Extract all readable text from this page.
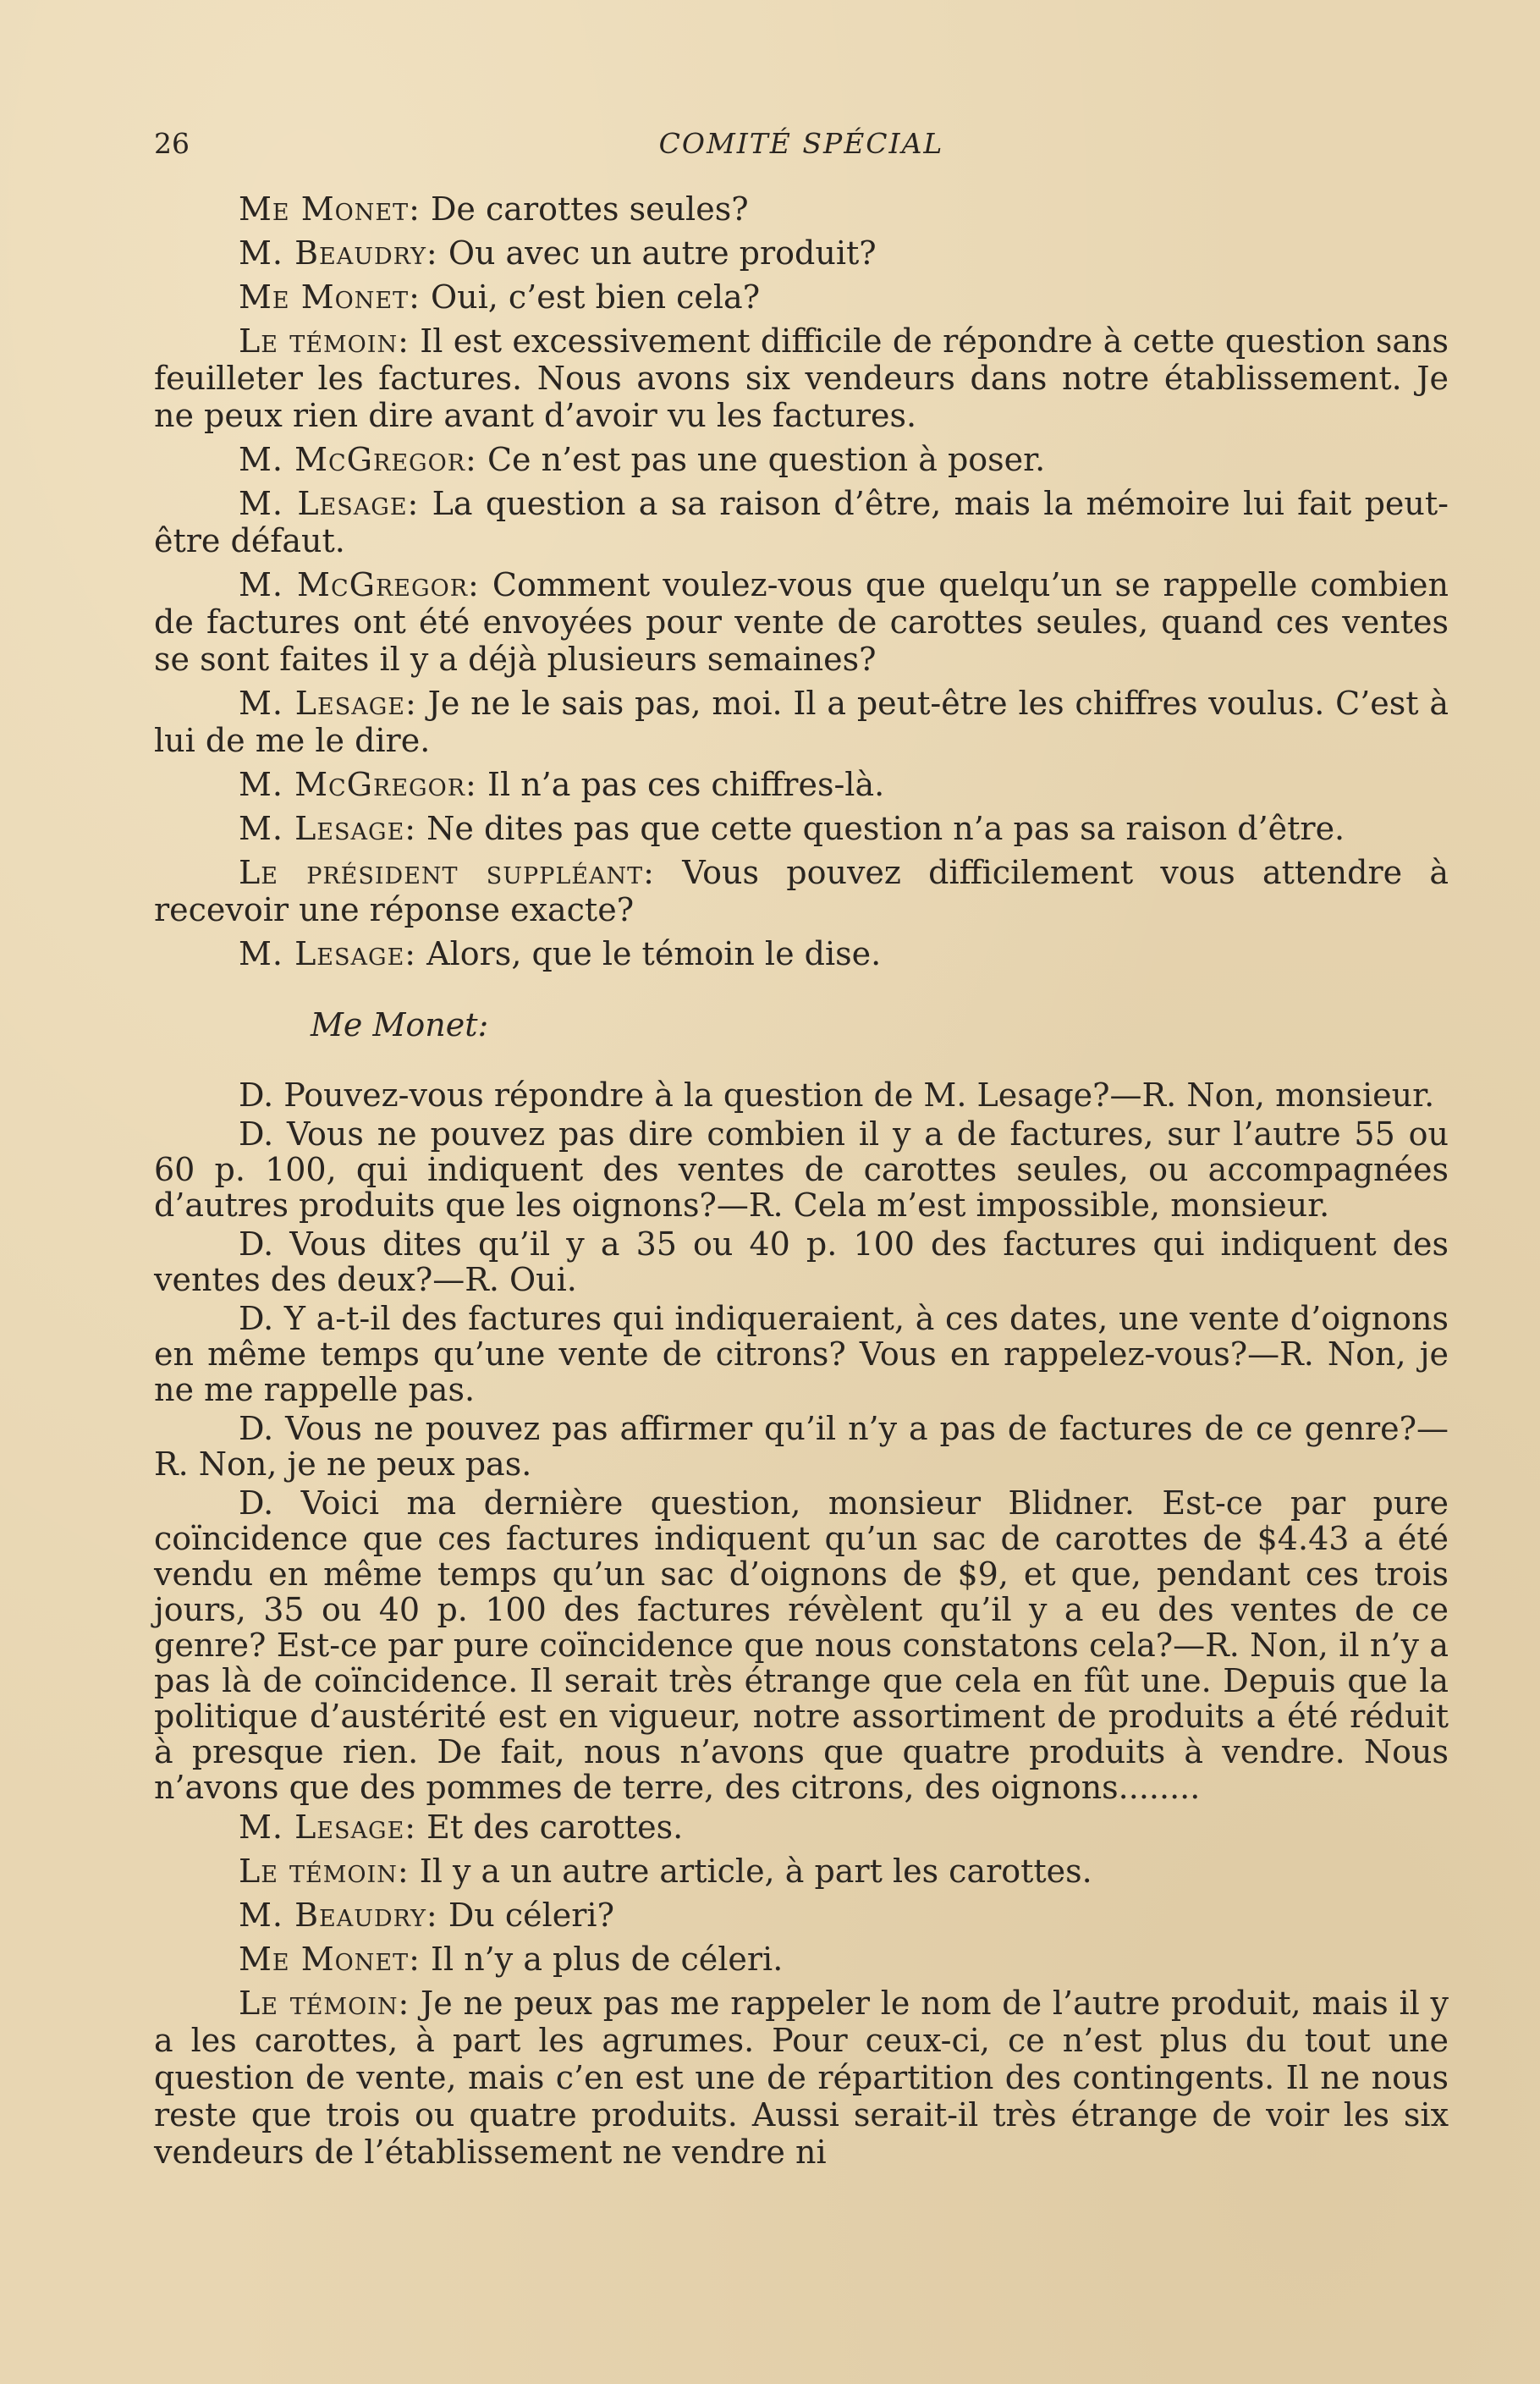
26	COMITÉ SPÉCIAL

Me Monet: De carottes seules?

M. Beaudry: Ou avec un autre produit?

Me Monet: Oui, c’est bien cela?

Le témoin: Il est excessivement difficile de répondre à cette question sans feuilleter les factures. Nous avons six vendeurs dans notre établissement. Je ne peux rien dire avant d’avoir vu les factures.

M. McGregor: Ce n’est pas une question à poser.

M. Lesage: La question a sa raison d’être, mais la mémoire lui fait peut-être défaut.

M. McGregor: Comment voulez-vous que quelqu’un se rappelle combien de factures ont été envoyées pour vente de carottes seules, quand ces ventes se sont faites il y a déjà plusieurs semaines?

M. Lesage: Je ne le sais pas, moi. Il a peut-être les chiffres voulus. C’est à lui de me le dire.

M. McGregor: Il n’a pas ces chiffres-là.

M. Lesage: Ne dites pas que cette question n’a pas sa raison d’être.

Le président suppléant: Vous pouvez difficilement vous attendre à recevoir une réponse exacte?

M. Lesage: Alors, que le témoin le dise.

Me Monet:

D. Pouvez-vous répondre à la question de M. Lesage?—R. Non, monsieur.

D. Vous ne pouvez pas dire combien il y a de factures, sur l’autre 55 ou 60 p. 100, qui indiquent des ventes de carottes seules, ou accompagnées d’autres produits que les oignons?—R. Cela m’est impossible, monsieur.

D. Vous dites qu’il y a 35 ou 40 p. 100 des factures qui indiquent des ventes des deux?—R. Oui.

D. Y a-t-il des factures qui indiqueraient, à ces dates, une vente d’oignons en même temps qu’une vente de citrons? Vous en rappelez-vous?—R. Non, je ne me rappelle pas.

D. Vous ne pouvez pas affirmer qu’il n’y a pas de factures de ce genre?—R. Non, je ne peux pas.

D. Voici ma dernière question, monsieur Blidner. Est-ce par pure coïncidence que ces factures indiquent qu’un sac de carottes de $4.43 a été vendu en même temps qu’un sac d’oignons de $9, et que, pendant ces trois jours, 35 ou 40 p. 100 des factures révèlent qu’il y a eu des ventes de ce genre? Est-ce par pure coïncidence que nous constatons cela?—R. Non, il n’y a pas là de coïncidence. Il serait très étrange que cela en fût une. Depuis que la politique d’austérité est en vigueur, notre assortiment de produits a été réduit à presque rien. De fait, nous n’avons que quatre produits à vendre. Nous n’avons que des pommes de terre, des citrons, des oignons........

M. Lesage: Et des carottes.

Le témoin: Il y a un autre article, à part les carottes.

M. Beaudry: Du céleri?

Me Monet: Il n’y a plus de céleri.

Le témoin: Je ne peux pas me rappeler le nom de l’autre produit, mais il y a les carottes, à part les agrumes. Pour ceux-ci, ce n’est plus du tout une question de vente, mais c’en est une de répartition des contingents. Il ne nous reste que trois ou quatre produits. Aussi serait-il très étrange de voir les six vendeurs de l’établissement ne vendre ni
